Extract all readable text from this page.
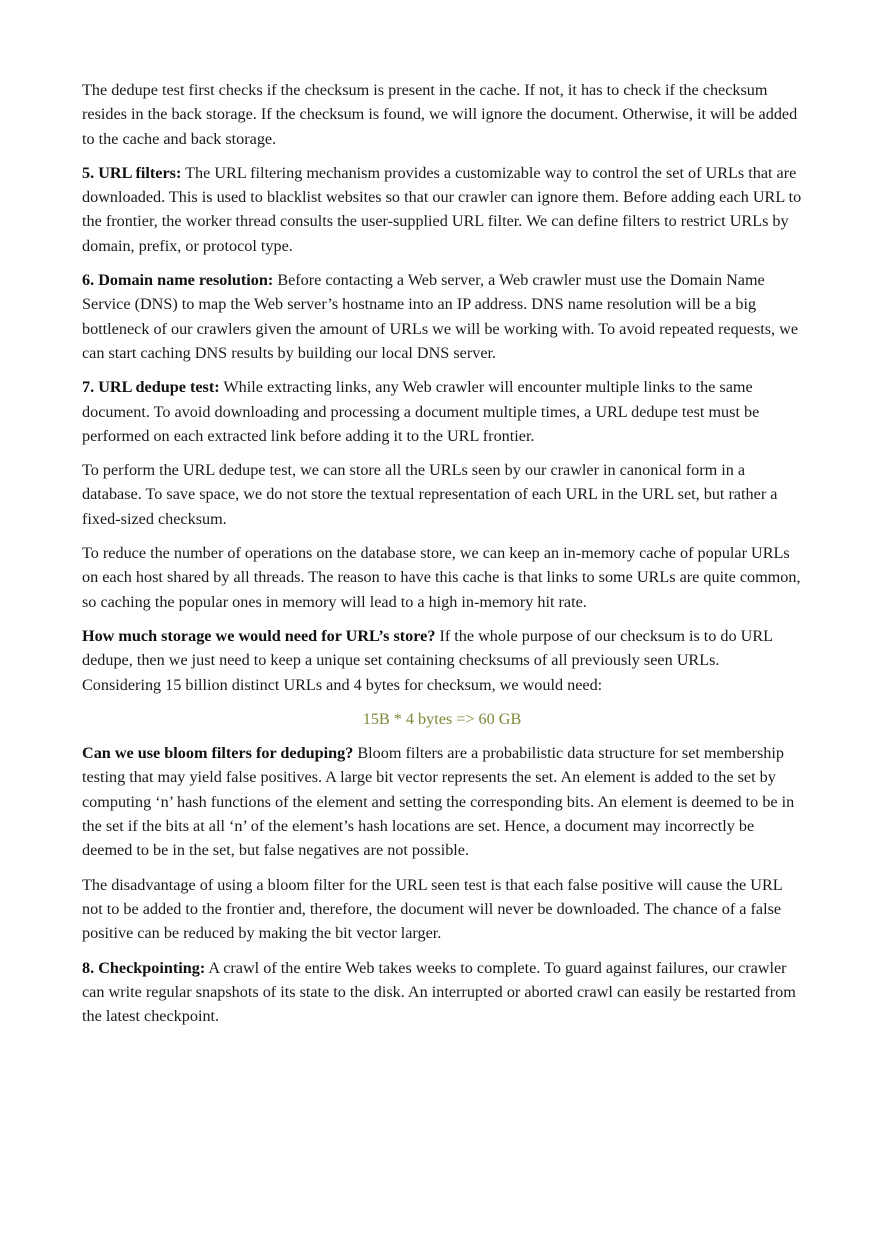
The dedupe test first checks if the checksum is present in the cache. If not, it has to check if the checksum resides in the back storage. If the checksum is found, we will ignore the document. Otherwise, it will be added to the cache and back storage.

5. URL filters: The URL filtering mechanism provides a customizable way to control the set of URLs that are downloaded. This is used to blacklist websites so that our crawler can ignore them. Before adding each URL to the frontier, the worker thread consults the user-supplied URL filter. We can define filters to restrict URLs by domain, prefix, or protocol type.

6. Domain name resolution: Before contacting a Web server, a Web crawler must use the Domain Name Service (DNS) to map the Web server’s hostname into an IP address. DNS name resolution will be a big bottleneck of our crawlers given the amount of URLs we will be working with. To avoid repeated requests, we can start caching DNS results by building our local DNS server.

7. URL dedupe test: While extracting links, any Web crawler will encounter multiple links to the same document. To avoid downloading and processing a document multiple times, a URL dedupe test must be performed on each extracted link before adding it to the URL frontier.

To perform the URL dedupe test, we can store all the URLs seen by our crawler in canonical form in a database. To save space, we do not store the textual representation of each URL in the URL set, but rather a fixed-sized checksum.

To reduce the number of operations on the database store, we can keep an in-memory cache of popular URLs on each host shared by all threads. The reason to have this cache is that links to some URLs are quite common, so caching the popular ones in memory will lead to a high in-memory hit rate.

How much storage we would need for URL’s store? If the whole purpose of our checksum is to do URL dedupe, then we just need to keep a unique set containing checksums of all previously seen URLs. Considering 15 billion distinct URLs and 4 bytes for checksum, we would need:

15B * 4 bytes => 60 GB

Can we use bloom filters for deduping? Bloom filters are a probabilistic data structure for set membership testing that may yield false positives. A large bit vector represents the set. An element is added to the set by computing ‘n’ hash functions of the element and setting the corresponding bits. An element is deemed to be in the set if the bits at all ‘n’ of the element’s hash locations are set. Hence, a document may incorrectly be deemed to be in the set, but false negatives are not possible.

The disadvantage of using a bloom filter for the URL seen test is that each false positive will cause the URL not to be added to the frontier and, therefore, the document will never be downloaded. The chance of a false positive can be reduced by making the bit vector larger.

8. Checkpointing: A crawl of the entire Web takes weeks to complete. To guard against failures, our crawler can write regular snapshots of its state to the disk. An interrupted or aborted crawl can easily be restarted from the latest checkpoint.
